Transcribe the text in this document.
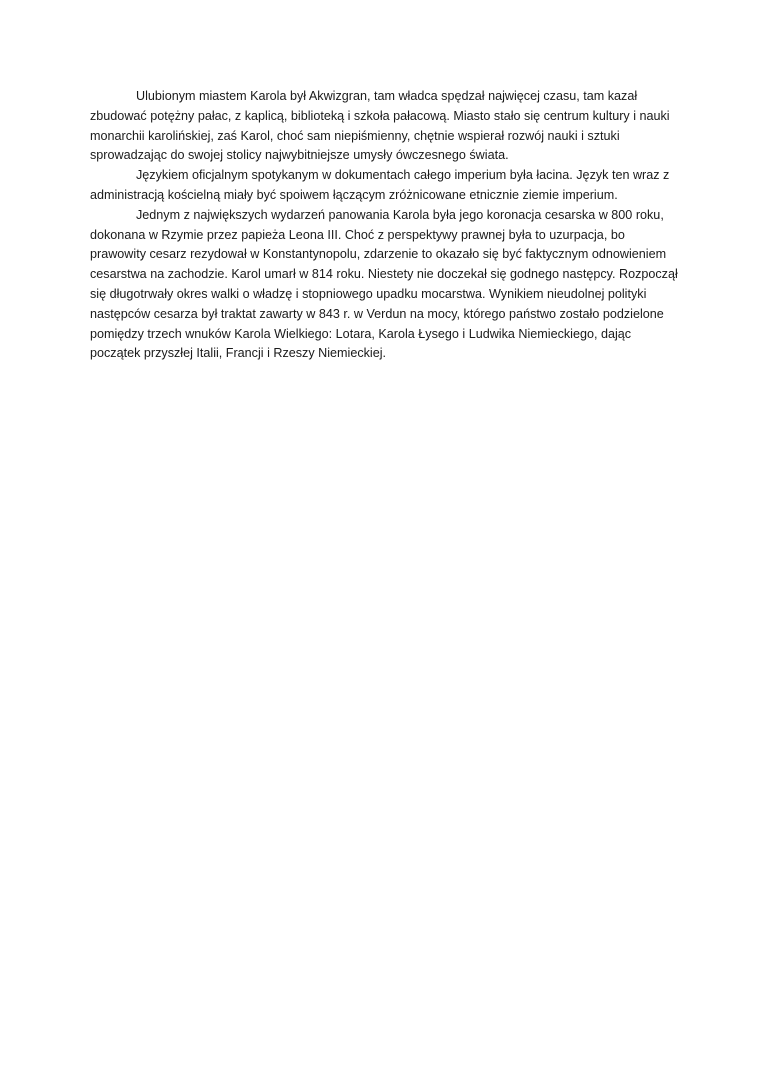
Ulubionym miastem Karola był Akwizgran, tam władca spędzał najwięcej czasu, tam kazał zbudować potężny pałac, z kaplicą, biblioteką i szkoła pałacową. Miasto stało się centrum kultury i nauki monarchii karolińskiej, zaś Karol, choć sam niepiśmienny, chętnie wspierał rozwój nauki i sztuki sprowadzając do swojej stolicy najwybitniejsze umysły ówczesnego świata.

Językiem oficjalnym spotykanym w dokumentach całego imperium była łacina. Język ten wraz z administracją kościelną miały być spoiwem łączącym zróżnicowane etnicznie ziemie imperium.

Jednym z największych wydarzeń panowania Karola była jego koronacja cesarska w 800 roku, dokonana w Rzymie przez papieża Leona III. Choć z perspektywy prawnej była to uzurpacja, bo prawowity cesarz rezydował w Konstantynopolu, zdarzenie to okazało się być faktycznym odnowieniem cesarstwa na zachodzie. Karol umarł w 814 roku. Niestety nie doczekał się godnego następcy. Rozpoczął się długotrwały okres walki o władzę i stopniowego upadku mocarstwa. Wynikiem nieudolnej polityki następców cesarza był traktat zawarty w 843 r. w Verdun na mocy, którego państwo zostało podzielone pomiędzy trzech wnuków Karola Wielkiego: Lotara, Karola Łysego i Ludwika Niemieckiego, dając początek przyszłej Italii, Francji i Rzeszy Niemieckiej.
